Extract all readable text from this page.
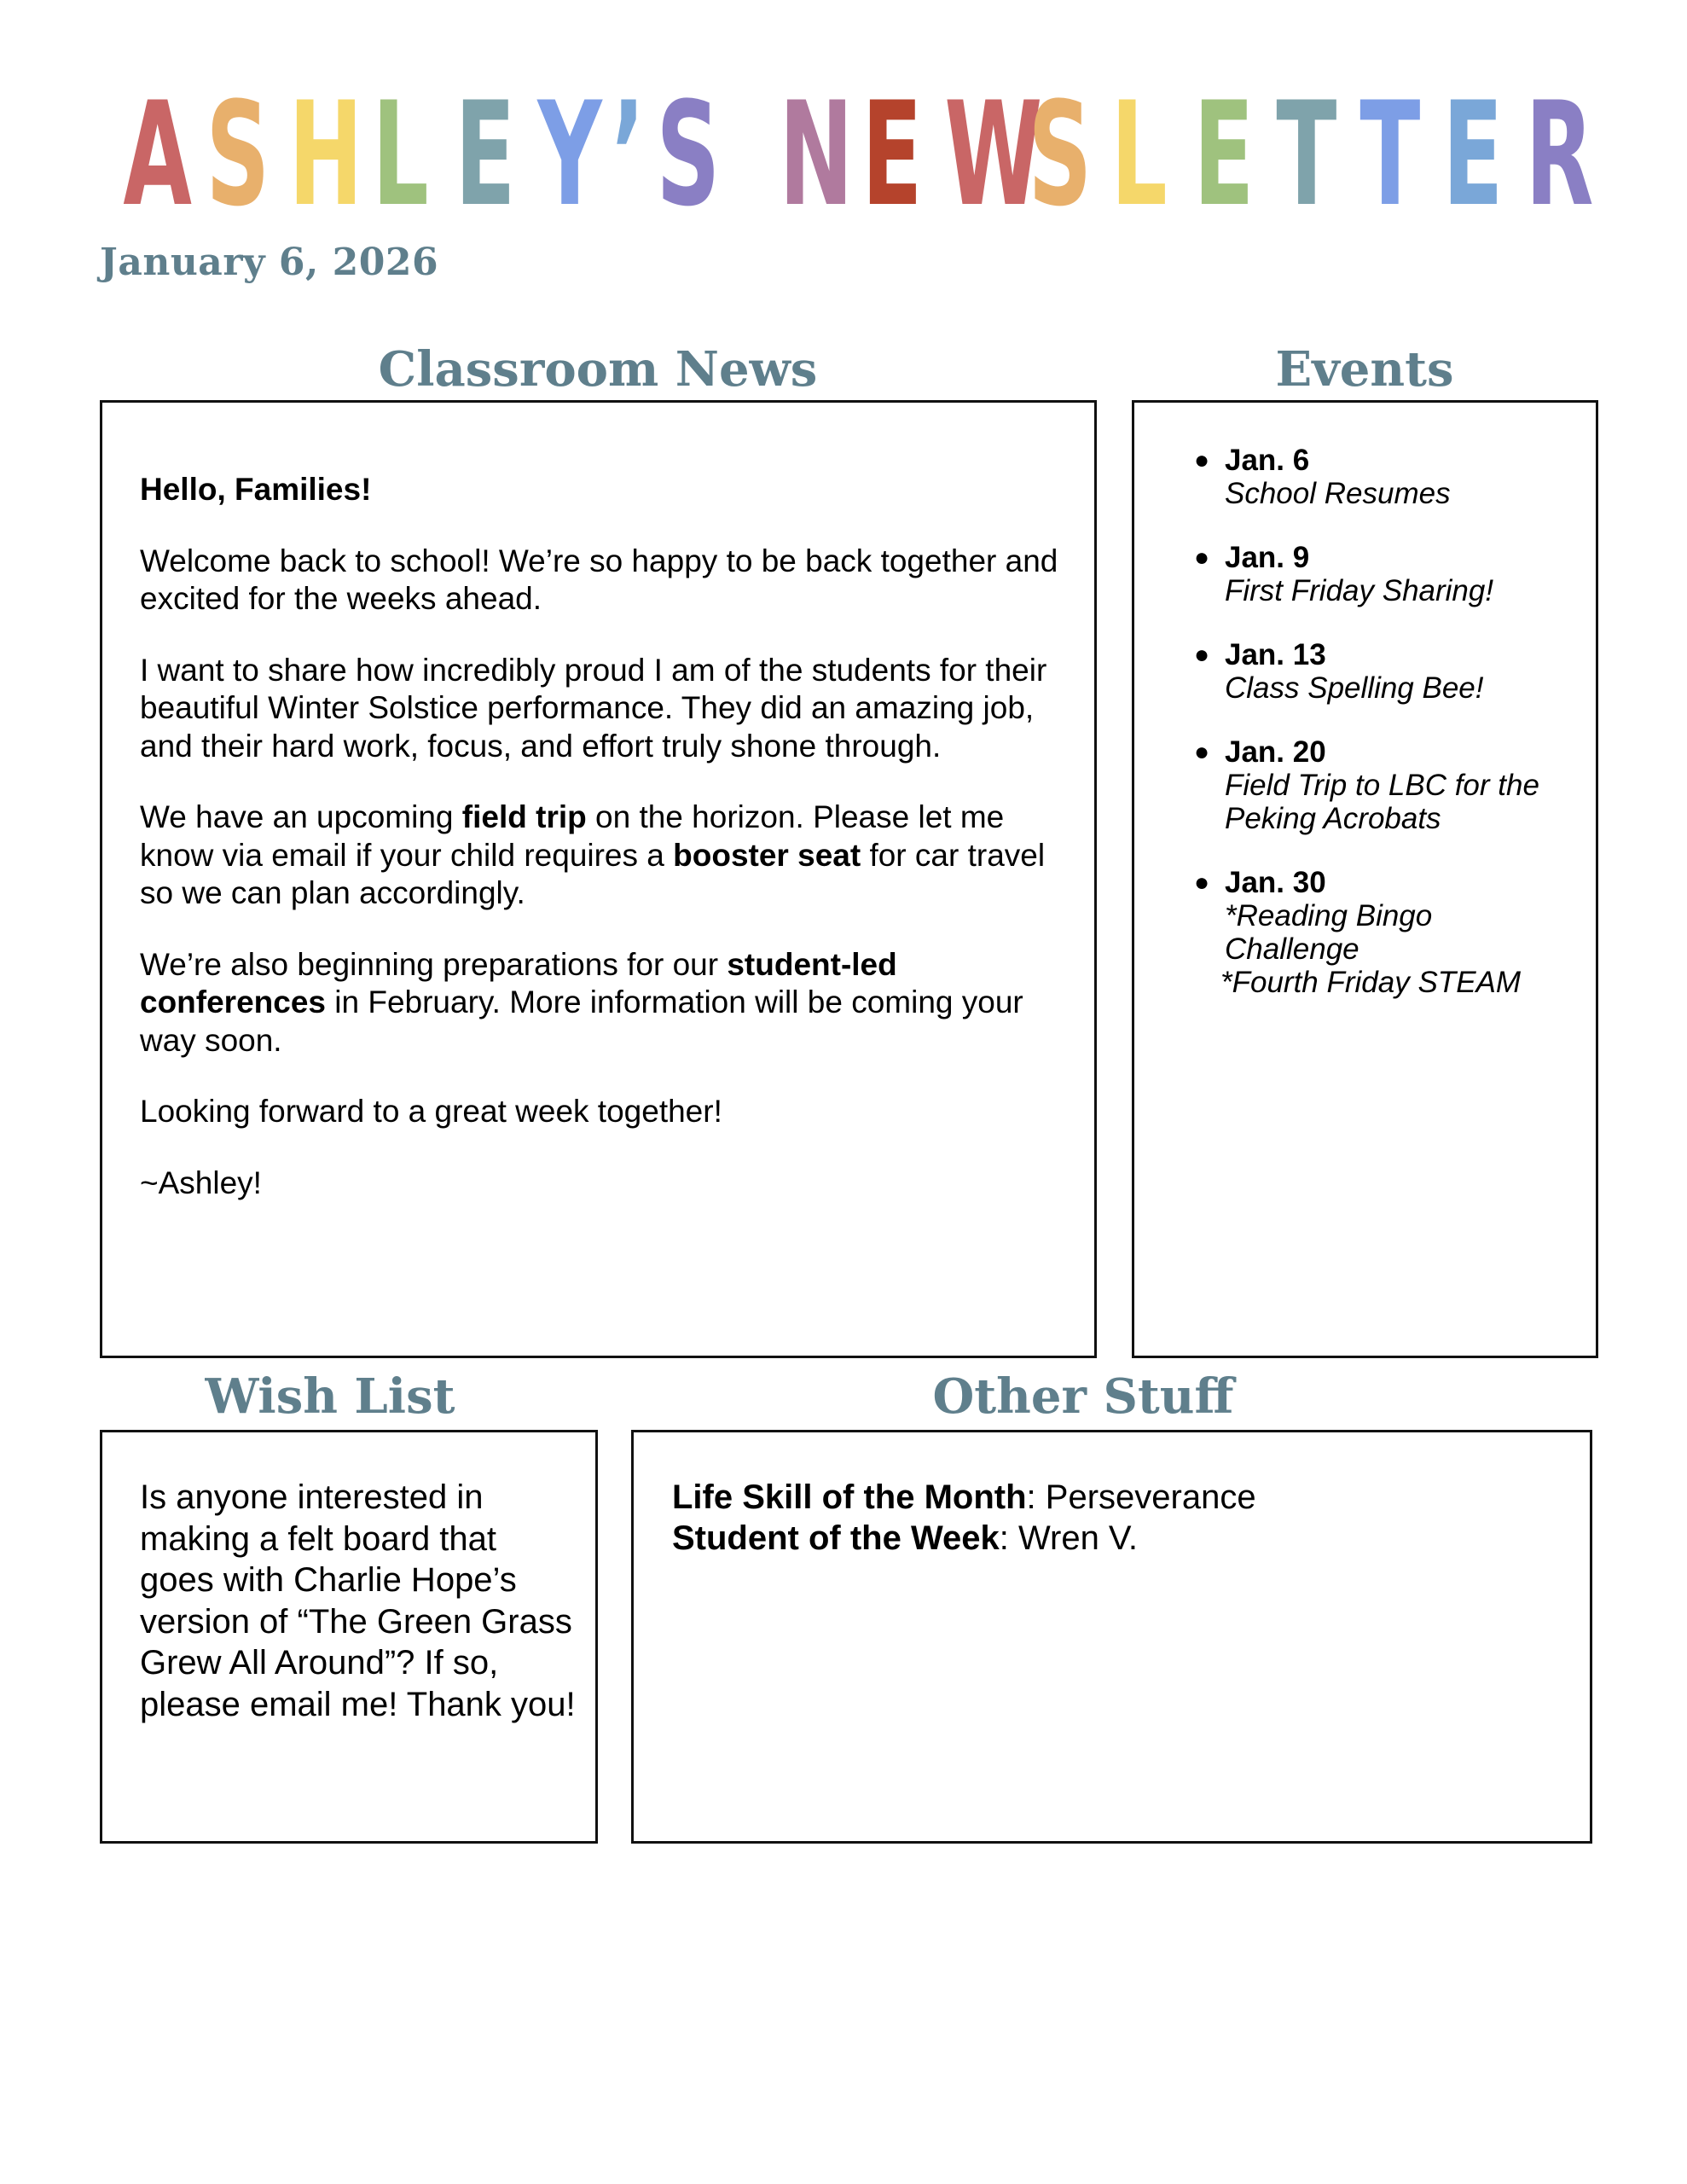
A S H L E Y ’ S
N E W
S L E T T E R
January 6, 2026
Classroom News

Hello, Families!

Welcome back to school! We’re so happy to be back together and excited for the weeks ahead.

I want to share how incredibly proud I am of the students for their beautiful Winter Solstice performance. They did an amazing job, and their hard work, focus, and effort truly shone through.

We have an upcoming field trip on the horizon. Please let me know via email if your child requires a booster seat for car travel so we can plan accordingly.

We’re also beginning preparations for our student-led conferences in February. More information will be coming your way soon.

Looking forward to a great week together!

~Ashley!

Events
● Jan. 6
School Resumes
● Jan. 9
First Friday Sharing!
● Jan. 13
Class Spelling Bee!
● Jan. 20
Field Trip to LBC for the Peking Acrobats
● Jan. 30
*Reading Bingo Challenge
*Fourth Friday STEAM
Wish List
Is anyone interested in making a felt board that goes with Charlie Hope’s version of “The Green Grass Grew All Around”? If so, please email me! Thank you!
Other Stuff
Life Skill of the Month: Perseverance
Student of the Week: Wren V.
